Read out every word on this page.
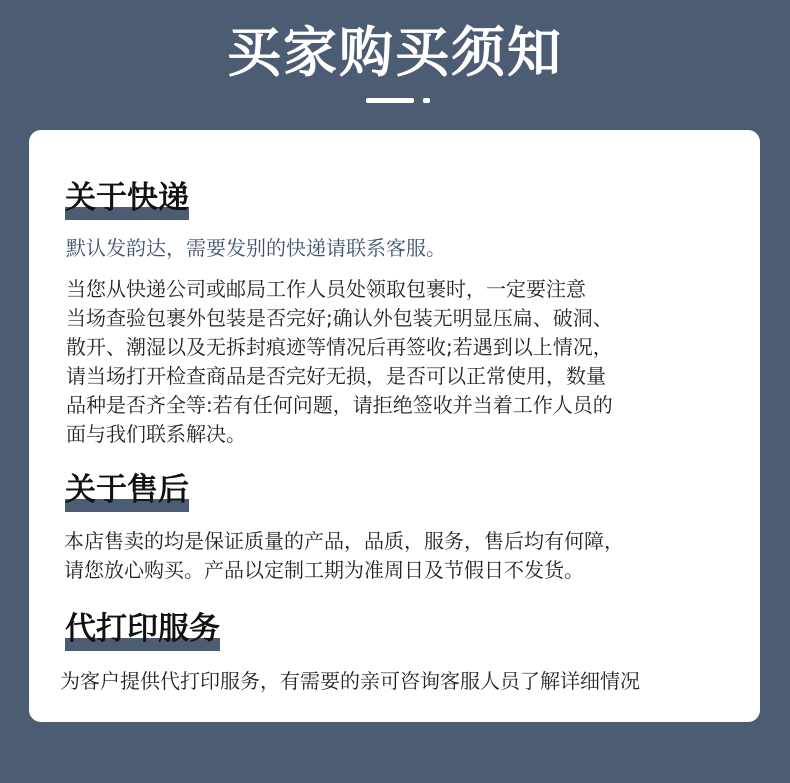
买家购买须知
关于快递

默认发韵达，需要发别的快递请联系客服。

当您从快递公司或邮局工作人员处领取包裹时，一定要注意

当场查验包裹外包装是否完好;确认外包装无明显压扁、破洞、

散开、潮湿以及无拆封痕迹等情况后再签收;若遇到以上情况，

请当场打开检查商品是否完好无损，是否可以正常使用，数量

品种是否齐全等:若有任何问题，请拒绝签收并当着工作人员的

面与我们联系解决。

关于售后

本店售卖的均是保证质量的产品，品质，服务，售后均有何障，

请您放心购买。产品以定制工期为准周日及节假日不发货。

代打印服务

为客户提供代打印服务，有需要的亲可咨询客服人员了解详细情况
